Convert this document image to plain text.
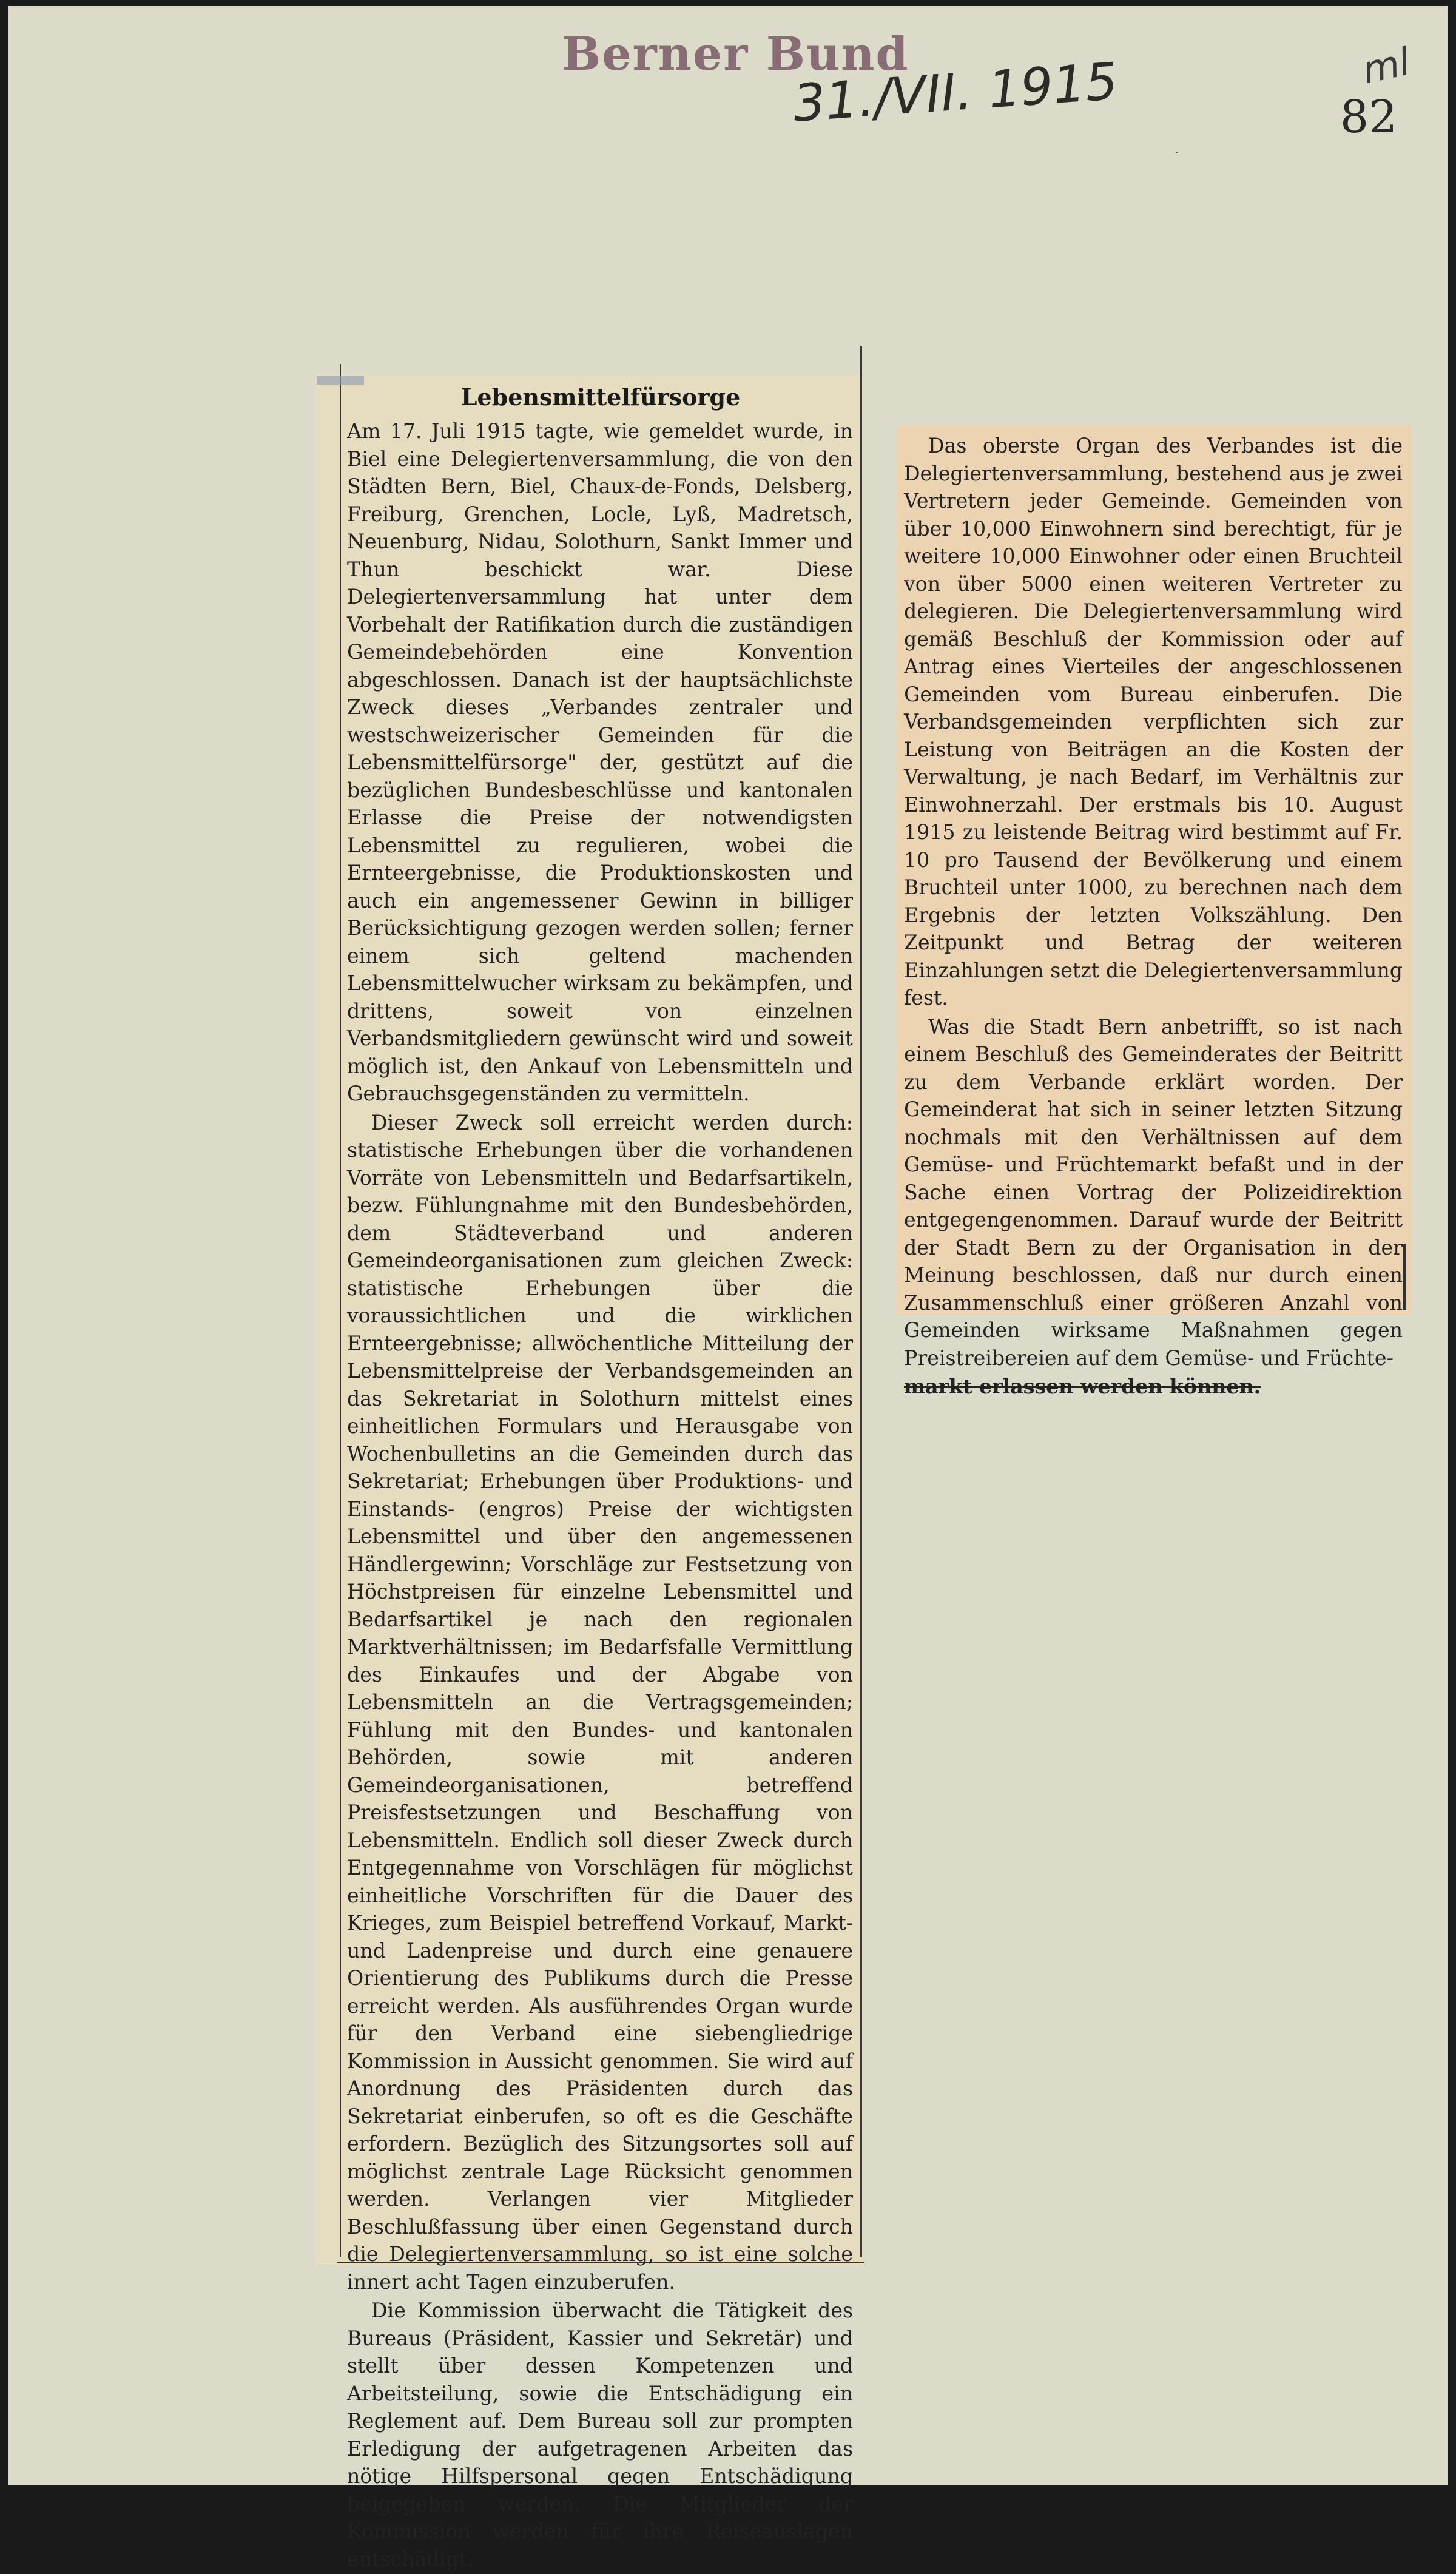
Berner Bund
31./VII. 1915	ml
82
·
Lebensmittelfürsorge

Am 17. Juli 1915 tagte, wie gemeldet wurde, in Biel eine Delegiertenversammlung, die von den Städten Bern, Biel, Chaux-de-Fonds, Delsberg, Freiburg, Grenchen, Locle, Lyß, Madretsch, Neuenburg, Nidau, Solothurn, Sankt Immer und Thun beschickt war. Diese Delegiertenversammlung hat unter dem Vorbehalt der Ratifikation durch die zuständigen Gemeindebehörden eine Konvention abgeschlossen. Danach ist der hauptsächlichste Zweck dieses „Verbandes zentraler und westschweizerischer Gemeinden für die Lebensmittelfürsorge" der, gestützt auf die bezüglichen Bundesbeschlüsse und kantonalen Erlasse die Preise der notwendigsten Lebensmittel zu regulieren, wobei die Ernteergebnisse, die Produktionskosten und auch ein angemessener Gewinn in billiger Berücksichtigung gezogen werden sollen; ferner einem sich geltend machenden Lebensmittelwucher wirksam zu bekämpfen, und drittens, soweit von einzelnen Verbandsmitgliedern gewünscht wird und soweit möglich ist, den Ankauf von Lebensmitteln und Gebrauchsgegenständen zu vermitteln.

Dieser Zweck soll erreicht werden durch: statistische Erhebungen über die vorhandenen Vorräte von Lebensmitteln und Bedarfsartikeln, bezw. Fühlungnahme mit den Bundesbehörden, dem Städteverband und anderen Gemeindeorganisationen zum gleichen Zweck: statistische Erhebungen über die voraussichtlichen und die wirklichen Ernteergebnisse; allwöchentliche Mitteilung der Lebensmittelpreise der Verbandsgemeinden an das Sekretariat in Solothurn mittelst eines einheitlichen Formulars und Herausgabe von Wochenbulletins an die Gemeinden durch das Sekretariat; Erhebungen über Produktions- und Einstands- (engros) Preise der wichtigsten Lebensmittel und über den angemessenen Händlergewinn; Vorschläge zur Festsetzung von Höchstpreisen für einzelne Lebensmittel und Bedarfsartikel je nach den regionalen Marktverhältnissen; im Bedarfsfalle Vermittlung des Einkaufes und der Abgabe von Lebensmitteln an die Vertragsgemeinden; Fühlung mit den Bundes- und kantonalen Behörden, sowie mit anderen Gemeindeorganisationen, betreffend Preisfestsetzungen und Beschaffung von Lebensmitteln. Endlich soll dieser Zweck durch Entgegennahme von Vorschlägen für möglichst einheitliche Vorschriften für die Dauer des Krieges, zum Beispiel betreffend Vorkauf, Markt- und Ladenpreise und durch eine genauere Orientierung des Publikums durch die Presse erreicht werden. Als ausführendes Organ wurde für den Verband eine siebengliedrige Kommission in Aussicht genommen. Sie wird auf Anordnung des Präsidenten durch das Sekretariat einberufen, so oft es die Geschäfte erfordern. Bezüglich des Sitzungsortes soll auf möglichst zentrale Lage Rücksicht genommen werden. Verlangen vier Mitglieder Beschlußfassung über einen Gegenstand durch die Delegiertenversammlung, so ist eine solche innert acht Tagen einzuberufen.

Die Kommission überwacht die Tätigkeit des Bureaus (Präsident, Kassier und Sekretär) und stellt über dessen Kompetenzen und Arbeitsteilung, sowie die Entschädigung ein Reglement auf. Dem Bureau soll zur prompten Erledigung der aufgetragenen Arbeiten das nötige Hilfspersonal gegen Entschädigung beigegeben werden. Die Mitglieder der Kommission werden für ihre Reiseauslagen entschädigt.

Das oberste Organ des Verbandes ist die Delegiertenversammlung, bestehend aus je zwei Vertretern jeder Gemeinde. Gemeinden von über 10,000 Einwohnern sind berechtigt, für je weitere 10,000 Einwohner oder einen Bruchteil von über 5000 einen weiteren Vertreter zu delegieren. Die Delegiertenversammlung wird gemäß Beschluß der Kommission oder auf Antrag eines Vierteiles der angeschlossenen Gemeinden vom Bureau einberufen. Die Verbandsgemeinden verpflichten sich zur Leistung von Beiträgen an die Kosten der Verwaltung, je nach Bedarf, im Verhältnis zur Einwohnerzahl. Der erstmals bis 10. August 1915 zu leistende Beitrag wird bestimmt auf Fr. 10 pro Tausend der Bevölkerung und einem Bruchteil unter 1000, zu berechnen nach dem Ergebnis der letzten Volkszählung. Den Zeitpunkt und Betrag der weiteren Einzahlungen setzt die Delegiertenversammlung fest.

Was die Stadt Bern anbetrifft, so ist nach einem Beschluß des Gemeinderates der Beitritt zu dem Verbande erklärt worden. Der Gemeinderat hat sich in seiner letzten Sitzung nochmals mit den Verhältnissen auf dem Gemüse- und Früchtemarkt befaßt und in der Sache einen Vortrag der Polizeidirektion entgegengenommen. Darauf wurde der Beitritt der Stadt Bern zu der Organisation in der Meinung beschlossen, daß nur durch einen Zusammenschluß einer größeren Anzahl von Gemeinden wirksame Maßnahmen gegen Preistreibereien auf dem Gemüse- und Früchte-

markt erlassen werden können.
